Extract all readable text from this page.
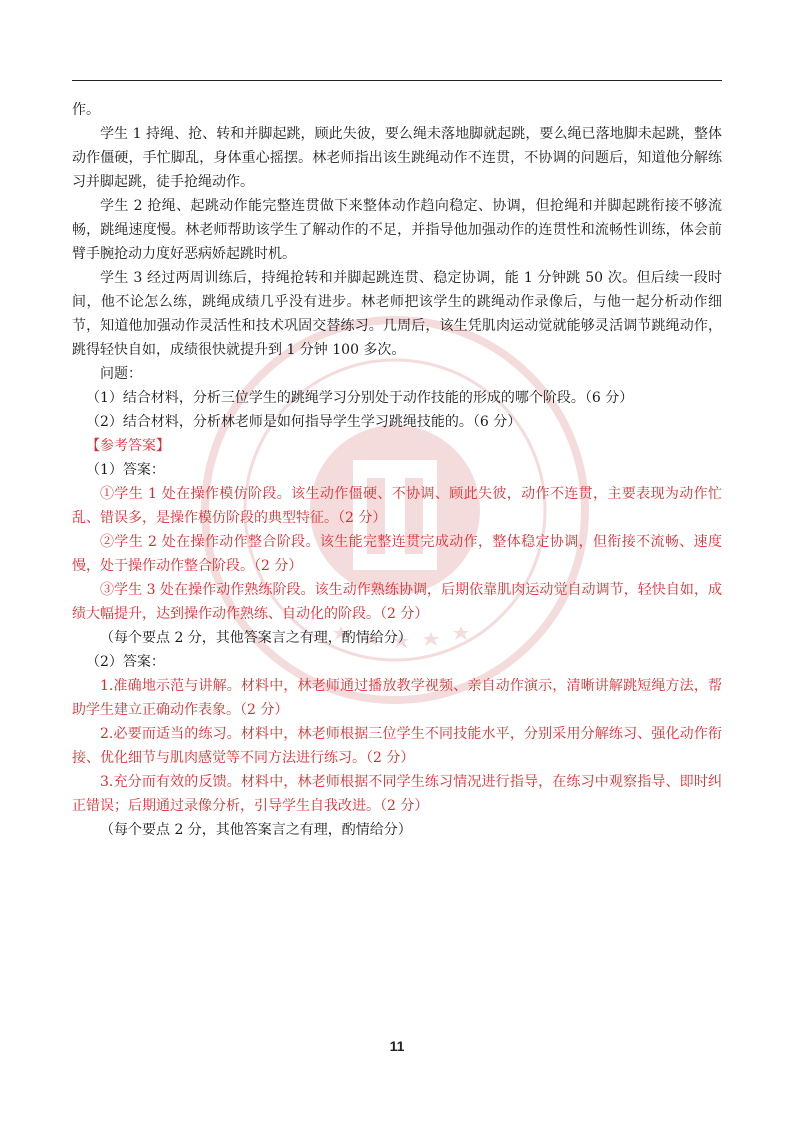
作。

学生 1 持绳、抢、转和并脚起跳，顾此失彼，要么绳未落地脚就起跳，要么绳已落地脚未起跳，整体动作僵硬，手忙脚乱，身体重心摇摆。林老师指出该生跳绳动作不连贯，不协调的问题后，知道他分解练习并脚起跳，徒手抢绳动作。

学生 2 抢绳、起跳动作能完整连贯做下来整体动作趋向稳定、协调，但抢绳和并脚起跳衔接不够流畅，跳绳速度慢。林老师帮助该学生了解动作的不足，并指导他加强动作的连贯性和流畅性训练，体会前臂手腕抢动力度好恶病娇起跳时机。

学生 3 经过两周训练后，持绳抢转和并脚起跳连贯、稳定协调，能 1 分钟跳 50 次。但后续一段时间，他不论怎么练，跳绳成绩几乎没有进步。林老师把该学生的跳绳动作录像后，与他一起分析动作细节，知道他加强动作灵活性和技术巩固交替练习。几周后，该生凭肌肉运动觉就能够灵活调节跳绳动作，跳得轻快自如，成绩很快就提升到 1 分钟 100 多次。

问题：

（1）结合材料，分析三位学生的跳绳学习分别处于动作技能的形成的哪个阶段。（6 分）

（2）结合材料，分析林老师是如何指导学生学习跳绳技能的。（6 分）

【参考答案】

（1）答案：

①学生 1 处在操作模仿阶段。该生动作僵硬、不协调、顾此失彼，动作不连贯，主要表现为动作忙乱、错误多，是操作模仿阶段的典型特征。（2 分）

②学生 2 处在操作动作整合阶段。该生能完整连贯完成动作，整体稳定协调，但衔接不流畅、速度慢，处于操作动作整合阶段。（2 分）

③学生 3 处在操作动作熟练阶段。该生动作熟练协调，后期依靠肌肉运动觉自动调节，轻快自如，成绩大幅提升，达到操作动作熟练、自动化的阶段。（2 分）

（每个要点 2 分，其他答案言之有理，酌情给分）

（2）答案：

1.准确地示范与讲解。材料中，林老师通过播放教学视频、亲自动作演示，清晰讲解跳短绳方法，帮助学生建立正确动作表象。（2 分）

2.必要而适当的练习。材料中，林老师根据三位学生不同技能水平，分别采用分解练习、强化动作衔接、优化细节与肌肉感觉等不同方法进行练习。（2 分）

3.充分而有效的反馈。材料中，林老师根据不同学生练习情况进行指导，在练习中观察指导、即时纠正错误；后期通过录像分析，引导学生自我改进。（2 分）

（每个要点 2 分，其他答案言之有理，酌情给分）

11
